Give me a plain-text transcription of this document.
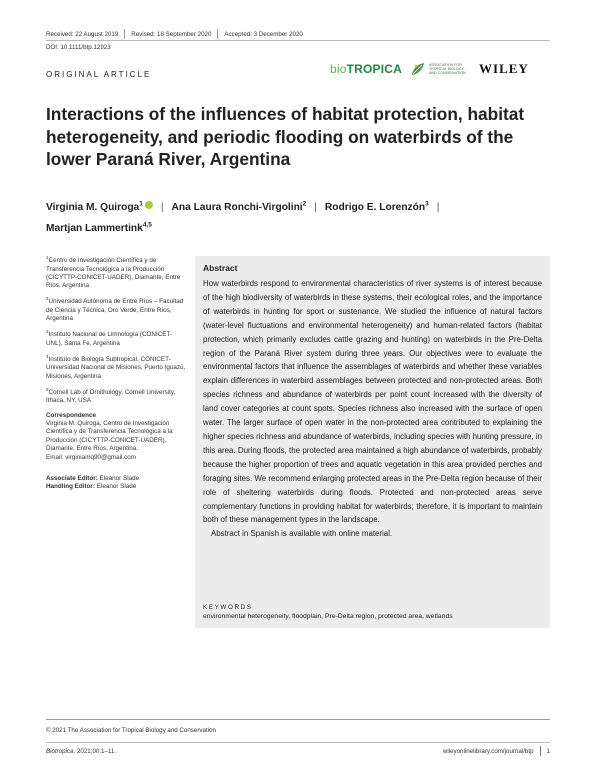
Received: 22 August 2019 Revised: 18 September 2020 Accepted: 3 December 2020
DOI: 10.1111/btp.12923
ORIGINAL ARTICLE	bioTROPICA	ASSOCIATION FOR TROPICAL BIOLOGY AND CONSERVATION WILEY
Interactions of the influences of habitat protection, habitat heterogeneity, and periodic flooding on waterbirds of the lower Paraná River, Argentina
Virginia M. Quiroga$^1$ | Ana Laura Ronchi-Virgolini$^2$ | Rodrigo E. Lorenzón$^3$ |
Martjan Lammertink$^{4,5}$
$^1$Centro de Investigación Científica y de Transferencia Tecnológica a la Producción (CICYTTP-CONICET-UADER), Diamante, Entre Ríos, Argentina
$^2$Universidad Autónoma de Entre Ríos – Facultad de Ciencia y Técnica, Oro Verde, Entre Ríos, Argentina
$^3$Instituto Nacional de Limnología (CONICET-UNL), Santa Fe, Argentina
$^4$Instituto de Biología Subtropical, CONICET-Universidad Nacional de Misiones, Puerto Iguazú, Misiones, Argentina
$^5$Cornell Lab of Ornithology, Cornell University, Ithaca, NY, USA
Correspondence
Virginia M. Quiroga, Centro de Investigación Científica y de Transferencia Tecnológica a la Producción (CICYTTP-CONICET-UADER), Diamante, Entre Ríos, Argentina.
Email: virginiamq90@gmail.com
Associate Editor: Eleanor Slade
Handling Editor: Eleanor Slade
Abstract
How waterbirds respond to environmental characteristics of river systems is of interest because of the high biodiversity of waterbirds in these systems, their ecological roles, and the importance of waterbirds in hunting for sport or sustenance. We studied the influence of natural factors (water-level fluctuations and environmental heterogeneity) and human-related factors (habitat protection, which primarily excludes cattle grazing and hunting) on waterbirds in the Pre-Delta region of the Paraná River system during three years. Our objectives were to evaluate the environmental factors that influence the assemblages of waterbirds and whether these variables explain differences in waterbird assemblages between protected and non-protected areas. Both species richness and abundance of waterbirds per point count increased with the diversity of land cover categories at count spots. Species richness also increased with the surface of open water. The larger surface of open water in the non-protected area contributed to explaining the higher species richness and abundance of waterbirds, including species with hunting pressure, in this area. During floods, the protected area maintained a high abundance of waterbirds, probably because the higher proportion of trees and aquatic vegetation in this area provided perches and foraging sites. We recommend enlarging protected areas in the Pre-Delta region because of their role of sheltering waterbirds during floods. Protected and non-protected areas serve complementary functions in providing habitat for waterbirds; therefore, it is important to maintain both of these management types in the landscape.
Abstract in Spanish is available with online material.
KEYWORDS
environmental heterogeneity, floodplain, Pre-Delta region, protected area, wetlands
© 2021 The Association for Tropical Biology and Conservation
Biotropica. 2021;00:1–11.	wileyonlinelibrary.com/journal/btp 1
